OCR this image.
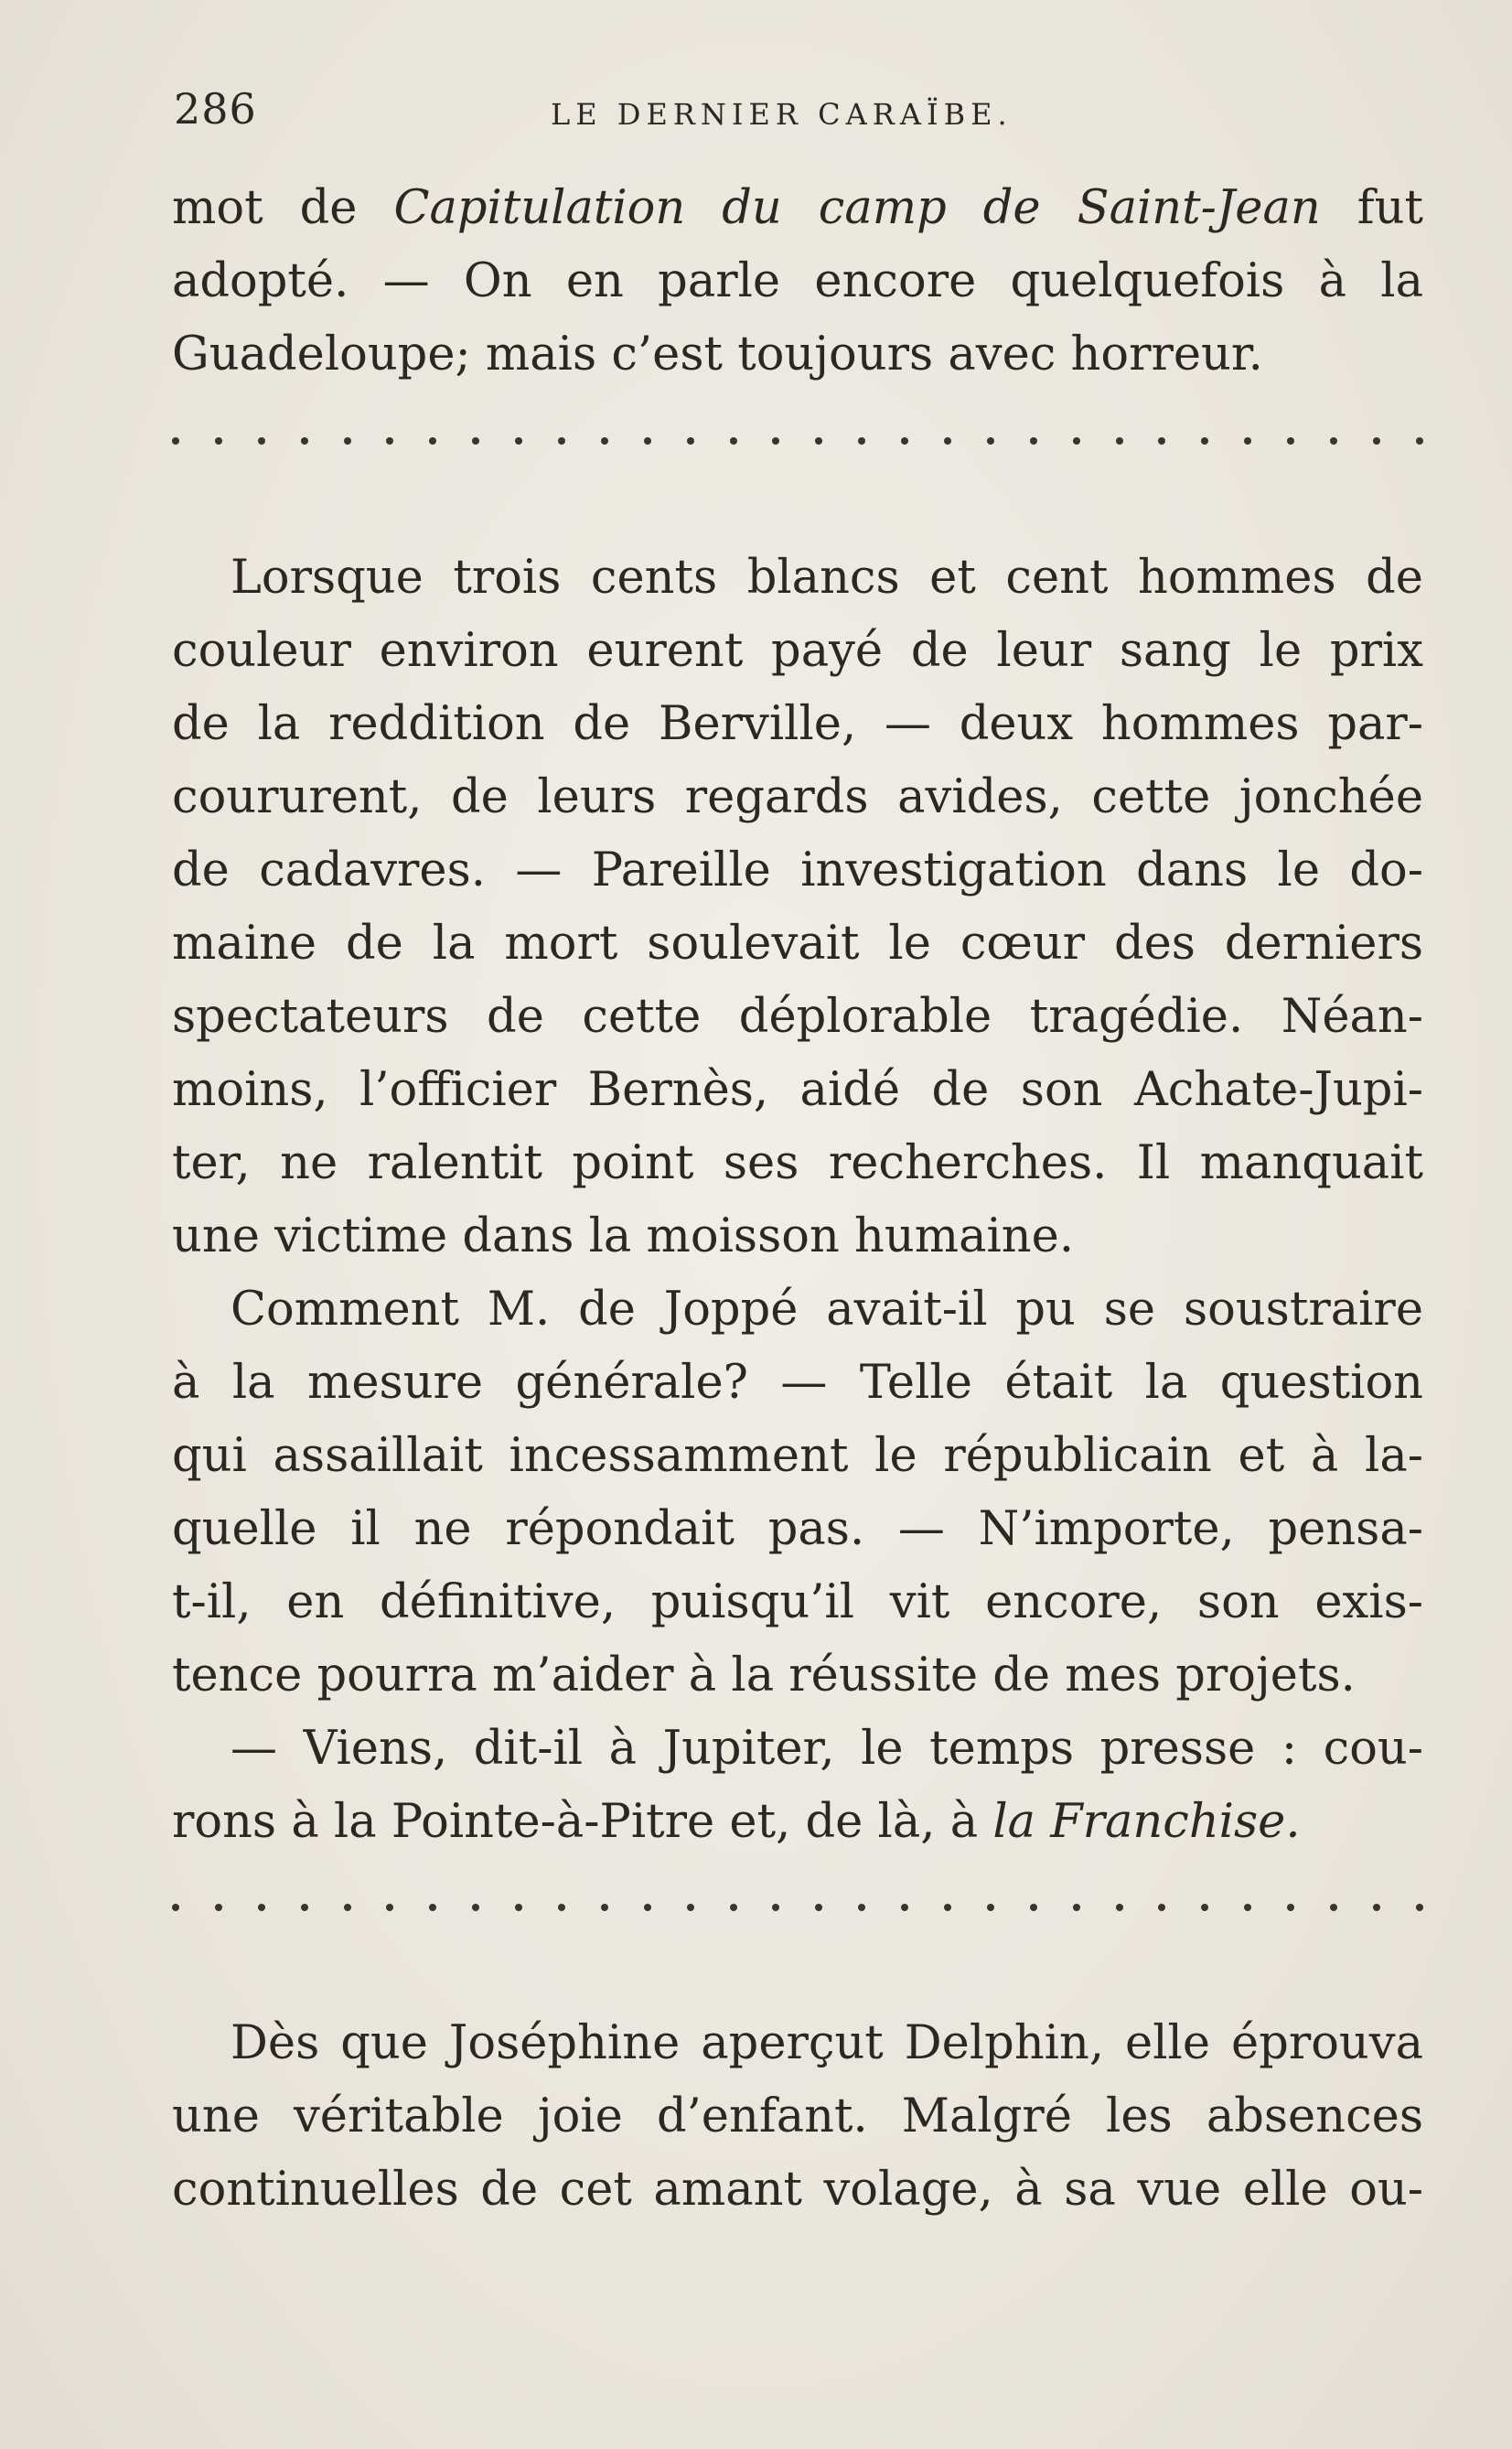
286	LE DERNIER CARAÏBE.
mot de Capitulation du camp de Saint-Jean fut
adopté. — On en parle encore quelquefois à la
Guadeloupe; mais c’est toujours avec horreur.
Lorsque trois cents blancs et cent hommes de
couleur environ eurent payé de leur sang le prix
de la reddition de Berville, — deux hommes par-
coururent, de leurs regards avides, cette jonchée
de cadavres. — Pareille investigation dans le do-
maine de la mort soulevait le cœur des derniers
spectateurs de cette déplorable tragédie. Néan-
moins, l’officier Bernès, aidé de son Achate-Jupi-
ter, ne ralentit point ses recherches. Il manquait
une victime dans la moisson humaine.
Comment M. de Joppé avait-il pu se soustraire
à la mesure générale? — Telle était la question
qui assaillait incessamment le républicain et à la-
quelle il ne répondait pas. — N’importe, pensa-
t-il, en définitive, puisqu’il vit encore, son exis-
tence pourra m’aider à la réussite de mes projets.
— Viens, dit-il à Jupiter, le temps presse : cou-
rons à la Pointe-à-Pitre et, de là, à la Franchise.
Dès que Joséphine aperçut Delphin, elle éprouva
une véritable joie d’enfant. Malgré les absences
continuelles de cet amant volage, à sa vue elle ou-
